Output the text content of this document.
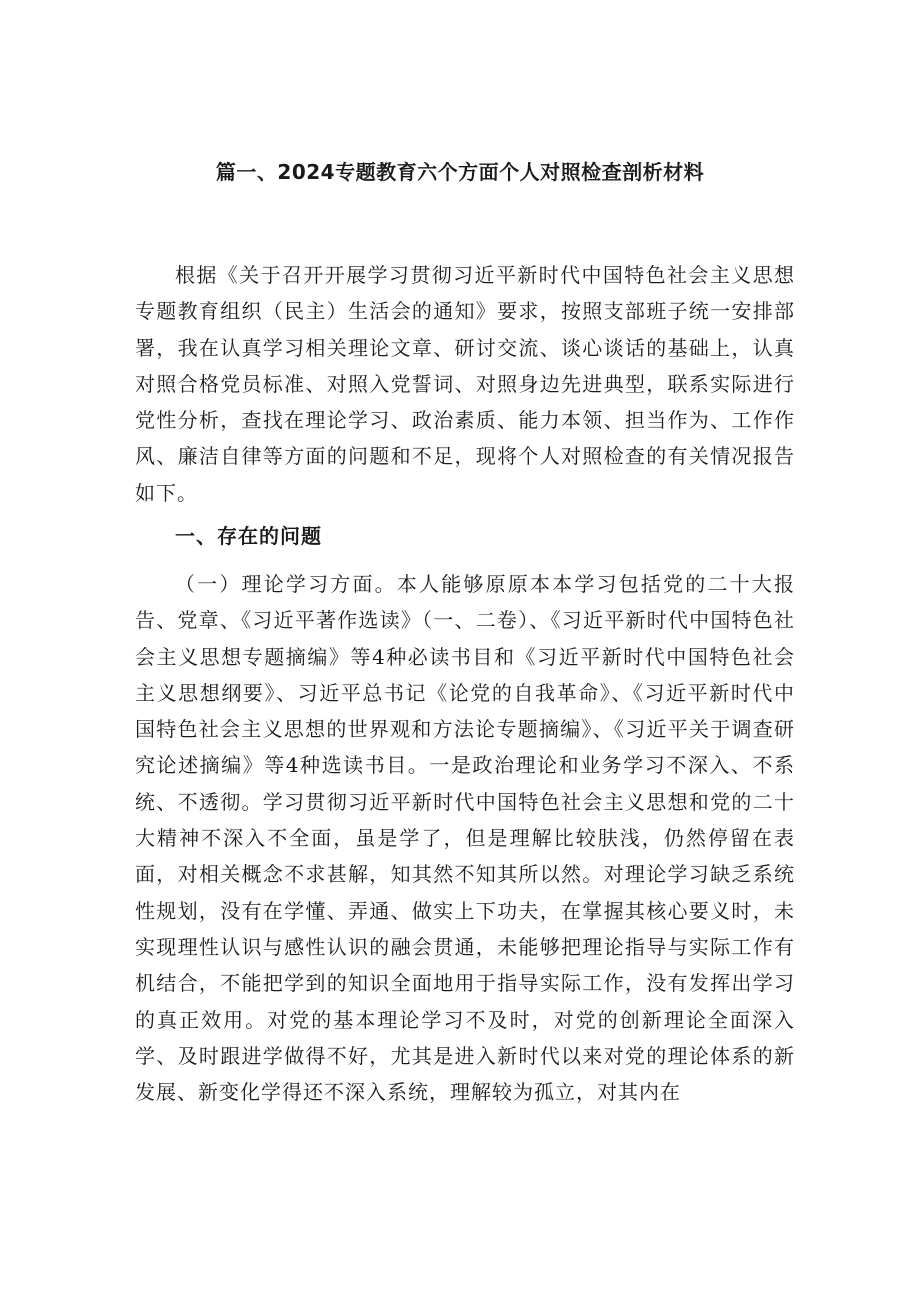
篇一、2024专题教育六个方面个人对照检查剖析材料

根据《关于召开开展学习贯彻习近平新时代中国特色社会主义思想专题教育组织（民主）生活会的通知》要求，按照支部班子统一安排部署，我在认真学习相关理论文章、研讨交流、谈心谈话的基础上，认真对照合格党员标准、对照入党誓词、对照身边先进典型，联系实际进行党性分析，查找在理论学习、政治素质、能力本领、担当作为、工作作风、廉洁自律等方面的问题和不足，现将个人对照检查的有关情况报告如下。

一、存在的问题

（一）理论学习方面。本人能够原原本本学习包括党的二十大报告、党章、《习近平著作选读》（一、二卷）、《习近平新时代中国特色社会主义思想专题摘编》等4种必读书目和《习近平新时代中国特色社会主义思想纲要》、习近平总书记《论党的自我革命》、《习近平新时代中国特色社会主义思想的世界观和方法论专题摘编》、《习近平关于调查研究论述摘编》等4种选读书目。一是政治理论和业务学习不深入、不系统、不透彻。学习贯彻习近平新时代中国特色社会主义思想和党的二十大精神不深入不全面，虽是学了，但是理解比较肤浅，仍然停留在表面，对相关概念不求甚解，知其然不知其所以然。对理论学习缺乏系统性规划，没有在学懂、弄通、做实上下功夫，在掌握其核心要义时，未实现理性认识与感性认识的融会贯通，未能够把理论指导与实际工作有机结合，不能把学到的知识全面地用于指导实际工作，没有发挥出学习的真正效用。对党的基本理论学习不及时，对党的创新理论全面深入学、及时跟进学做得不好，尤其是进入新时代以来对党的理论体系的新发展、新变化学得还不深入系统，理解较为孤立，对其内在
